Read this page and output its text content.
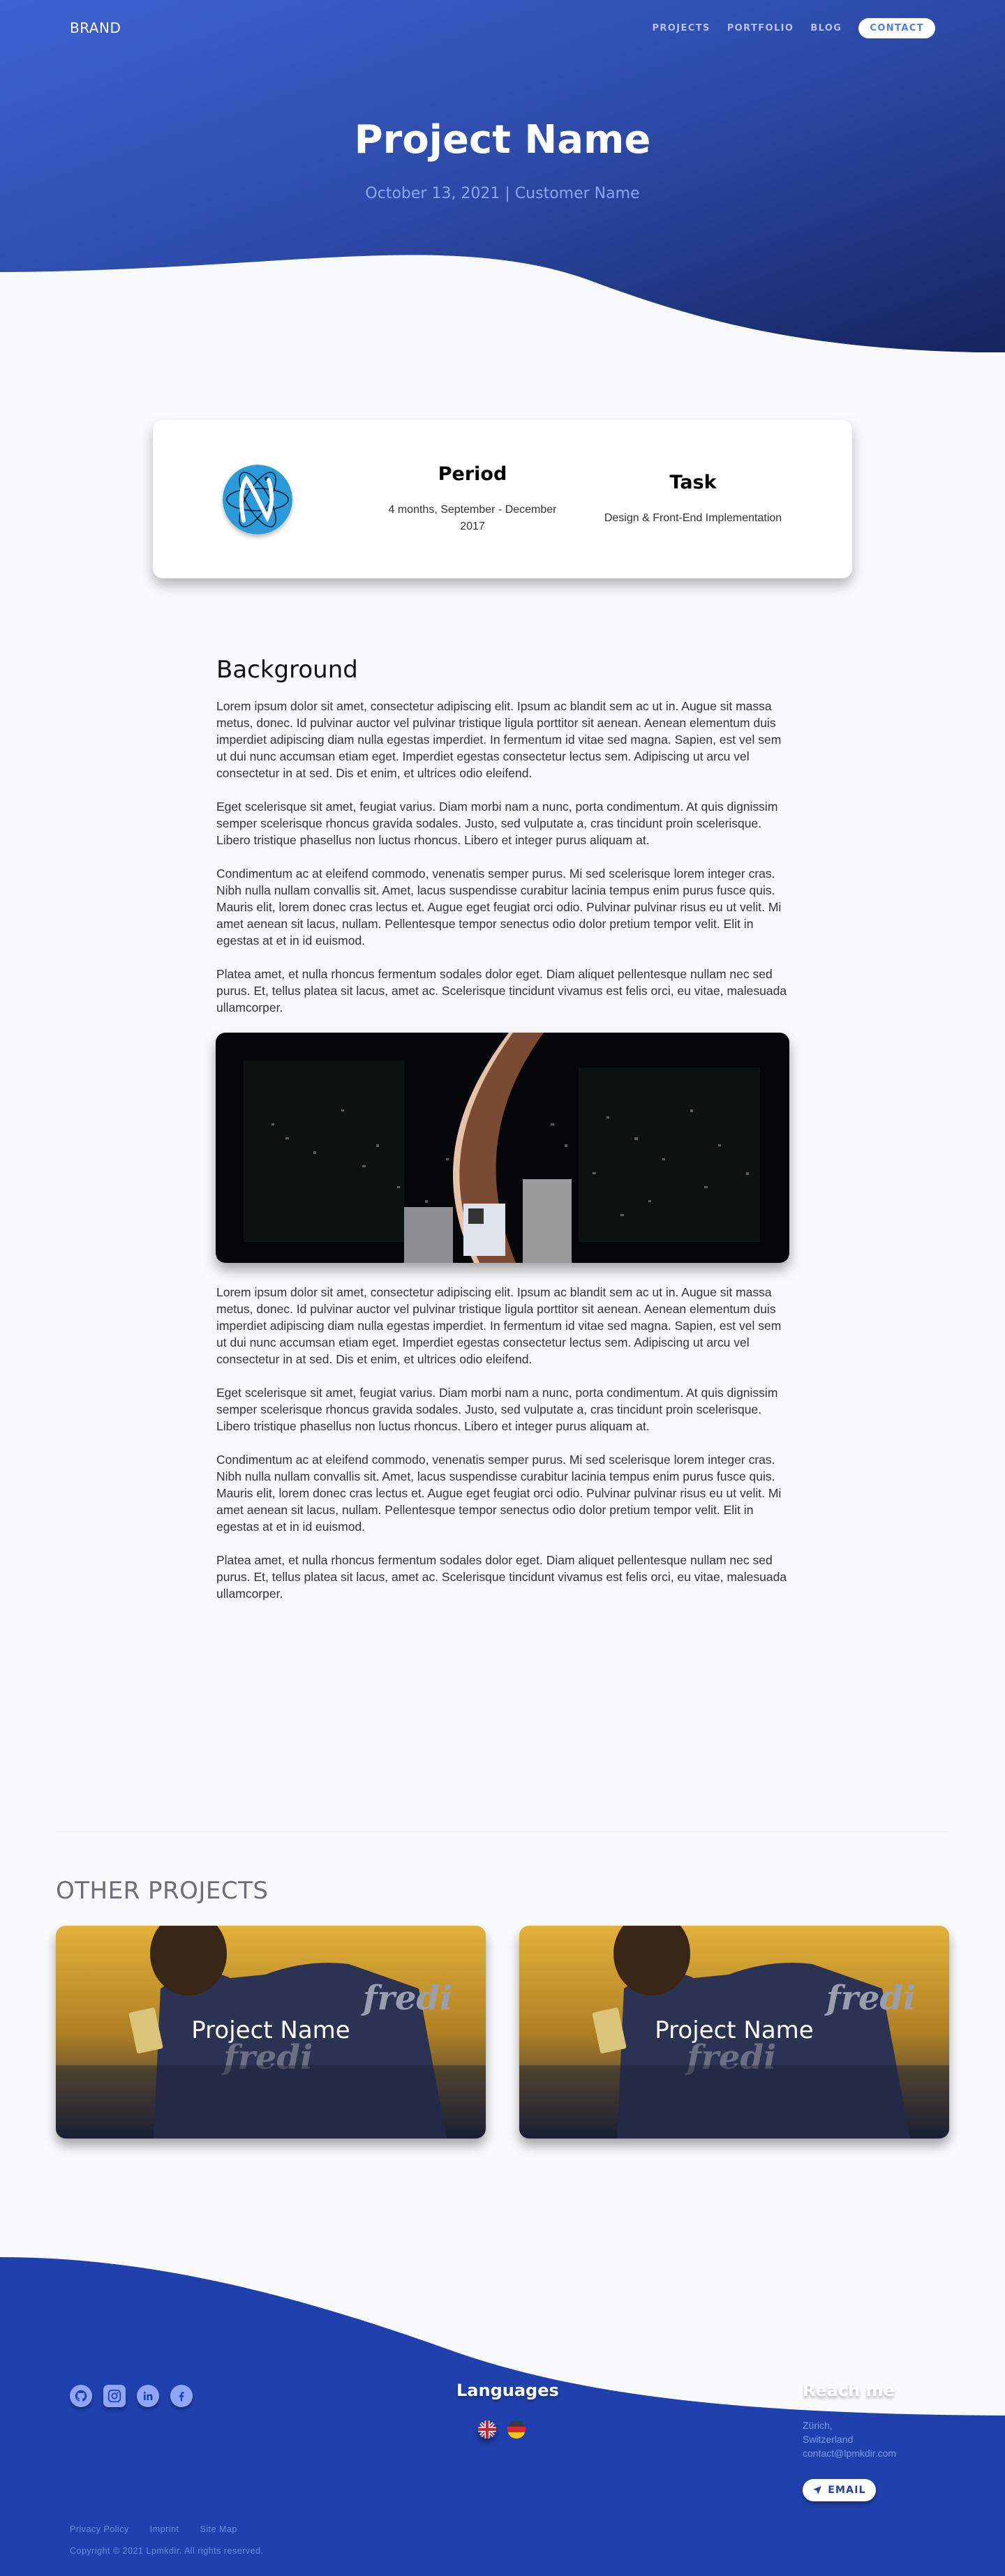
BRAND	PROJECTS PORTFOLIO BLOG	CONTACT
Project Name
October 13, 2021 | Customer Name
Period

4 months, September - December 2017

Task

Design & Front-End Implementation

Background

Lorem ipsum dolor sit amet, consectetur adipiscing elit. Ipsum ac blandit sem ac ut in. Augue sit massa metus, donec. Id pulvinar auctor vel pulvinar tristique ligula porttitor sit aenean. Aenean elementum duis imperdiet adipiscing diam nulla egestas imperdiet. In fermentum id vitae sed magna. Sapien, est vel sem ut dui nunc accumsan etiam eget. Imperdiet egestas consectetur lectus sem. Adipiscing ut arcu vel consectetur in at sed. Dis et enim, et ultrices odio eleifend.

Eget scelerisque sit amet, feugiat varius. Diam morbi nam a nunc, porta condimentum. At quis dignissim semper scelerisque rhoncus gravida sodales. Justo, sed vulputate a, cras tincidunt proin scelerisque. Libero tristique phasellus non luctus rhoncus. Libero et integer purus aliquam at.

Condimentum ac at eleifend commodo, venenatis semper purus. Mi sed scelerisque lorem integer cras. Nibh nulla nullam convallis sit. Amet, lacus suspendisse curabitur lacinia tempus enim purus fusce quis. Mauris elit, lorem donec cras lectus et. Augue eget feugiat orci odio. Pulvinar pulvinar risus eu ut velit. Mi amet aenean sit lacus, nullam. Pellentesque tempor senectus odio dolor pretium tempor velit. Elit in egestas at et in id euismod.

Platea amet, et nulla rhoncus fermentum sodales dolor eget. Diam aliquet pellentesque nullam nec sed purus. Et, tellus platea sit lacus, amet ac. Scelerisque tincidunt vivamus est felis orci, eu vitae, malesuada ullamcorper.

Lorem ipsum dolor sit amet, consectetur adipiscing elit. Ipsum ac blandit sem ac ut in. Augue sit massa metus, donec. Id pulvinar auctor vel pulvinar tristique ligula porttitor sit aenean. Aenean elementum duis imperdiet adipiscing diam nulla egestas imperdiet. In fermentum id vitae sed magna. Sapien, est vel sem ut dui nunc accumsan etiam eget. Imperdiet egestas consectetur lectus sem. Adipiscing ut arcu vel consectetur in at sed. Dis et enim, et ultrices odio eleifend.

Eget scelerisque sit amet, feugiat varius. Diam morbi nam a nunc, porta condimentum. At quis dignissim semper scelerisque rhoncus gravida sodales. Justo, sed vulputate a, cras tincidunt proin scelerisque. Libero tristique phasellus non luctus rhoncus. Libero et integer purus aliquam at.

Condimentum ac at eleifend commodo, venenatis semper purus. Mi sed scelerisque lorem integer cras. Nibh nulla nullam convallis sit. Amet, lacus suspendisse curabitur lacinia tempus enim purus fusce quis. Mauris elit, lorem donec cras lectus et. Augue eget feugiat orci odio. Pulvinar pulvinar risus eu ut velit. Mi amet aenean sit lacus, nullam. Pellentesque tempor senectus odio dolor pretium tempor velit. Elit in egestas at et in id euismod.

Platea amet, et nulla rhoncus fermentum sodales dolor eget. Diam aliquet pellentesque nullam nec sed purus. Et, tellus platea sit lacus, amet ac. Scelerisque tincidunt vivamus est felis orci, eu vitae, malesuada ullamcorper.

OTHER PROJECTS
fredi
fredi
Project Name
fredi
fredi
Project Name
Languages	Reach me
Zürich,
Switzerland
contact@lpmkdir.com
EMAIL
Privacy Policy Imprint Site Map
Copyright © 2021 Lpmkdir. All rights reserved.
